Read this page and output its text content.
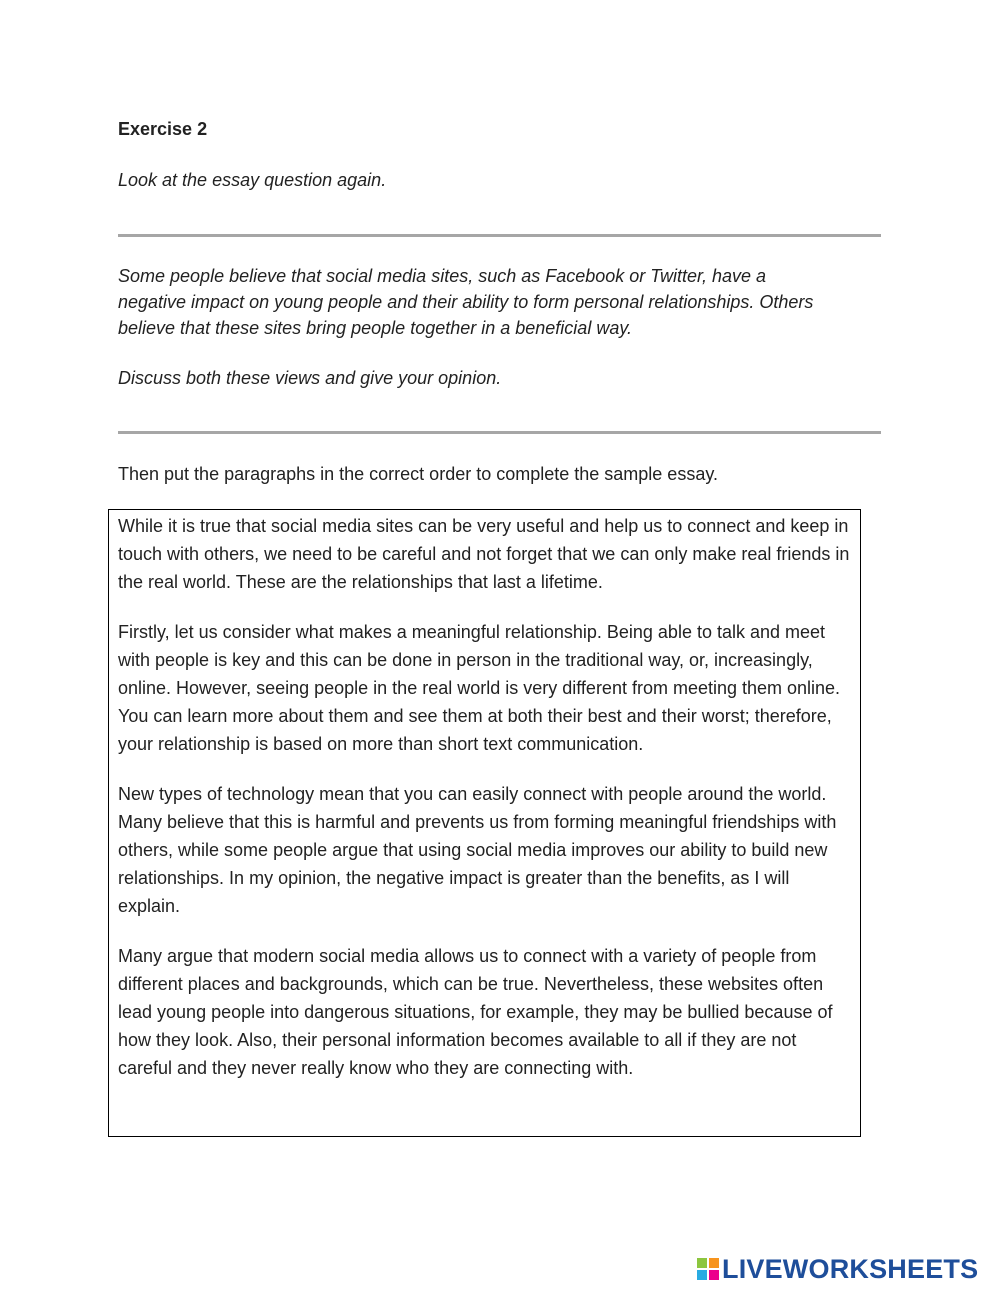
Exercise 2
Look at the essay question again.
Some people believe that social media sites, such as Facebook or Twitter, have a
negative impact on young people and their ability to form personal relationships. Others
believe that these sites bring people together in a beneficial way.
Discuss both these views and give your opinion.
Then put the paragraphs in the correct order to complete the sample essay.

While it is true that social media sites can be very useful and help us to connect and keep in touch with others, we need to be careful and not forget that we can only make real friends in the real world. These are the relationships that last a lifetime.

Firstly, let us consider what makes a meaningful relationship. Being able to talk and meet with people is key and this can be done in person in the traditional way, or, increasingly, online. However, seeing people in the real world is very different from meeting them online. You can learn more about them and see them at both their best and their worst; therefore, your relationship is based on more than short text communication.

New types of technology mean that you can easily connect with people around the world. Many believe that this is harmful and prevents us from forming meaningful friendships with others, while some people argue that using social media improves our ability to build new relationships. In my opinion, the negative impact is greater than the benefits, as I will explain.

Many argue that modern social media allows us to connect with a variety of people from different places and backgrounds, which can be true. Nevertheless, these websites often lead young people into dangerous situations, for example, they may be bullied because of how they look. Also, their personal information becomes available to all if they are not careful and they never really know who they are connecting with.

LIVEWORKSHEETS
